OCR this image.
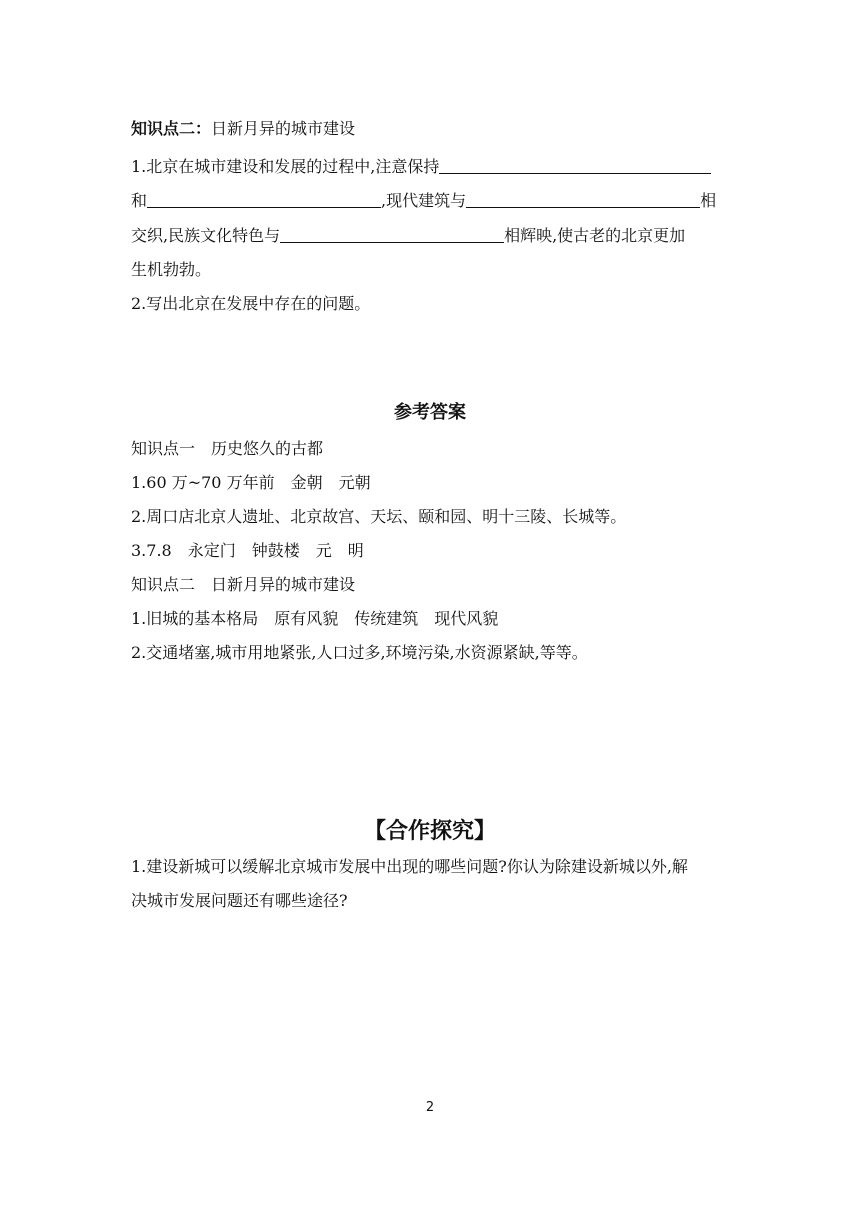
知识点二：日新月异的城市建设
1.北京在城市建设和发展的过程中,注意保持
和	,现代建筑与	相
交织,民族文化特色与	相辉映,使古老的北京更加
生机勃勃。
2.写出北京在发展中存在的问题。
参考答案
知识点一　历史悠久的古都
1.60 万~70 万年前　金朝　元朝
2.周口店北京人遗址、北京故宫、天坛、颐和园、明十三陵、长城等。
3.7.8　永定门　钟鼓楼　元　明
知识点二　日新月异的城市建设
1.旧城的基本格局　原有风貌　传统建筑　现代风貌
2.交通堵塞,城市用地紧张,人口过多,环境污染,水资源紧缺,等等。
【合作探究】
1.建设新城可以缓解北京城市发展中出现的哪些问题?你认为除建设新城以外,解
决城市发展问题还有哪些途径?
2
